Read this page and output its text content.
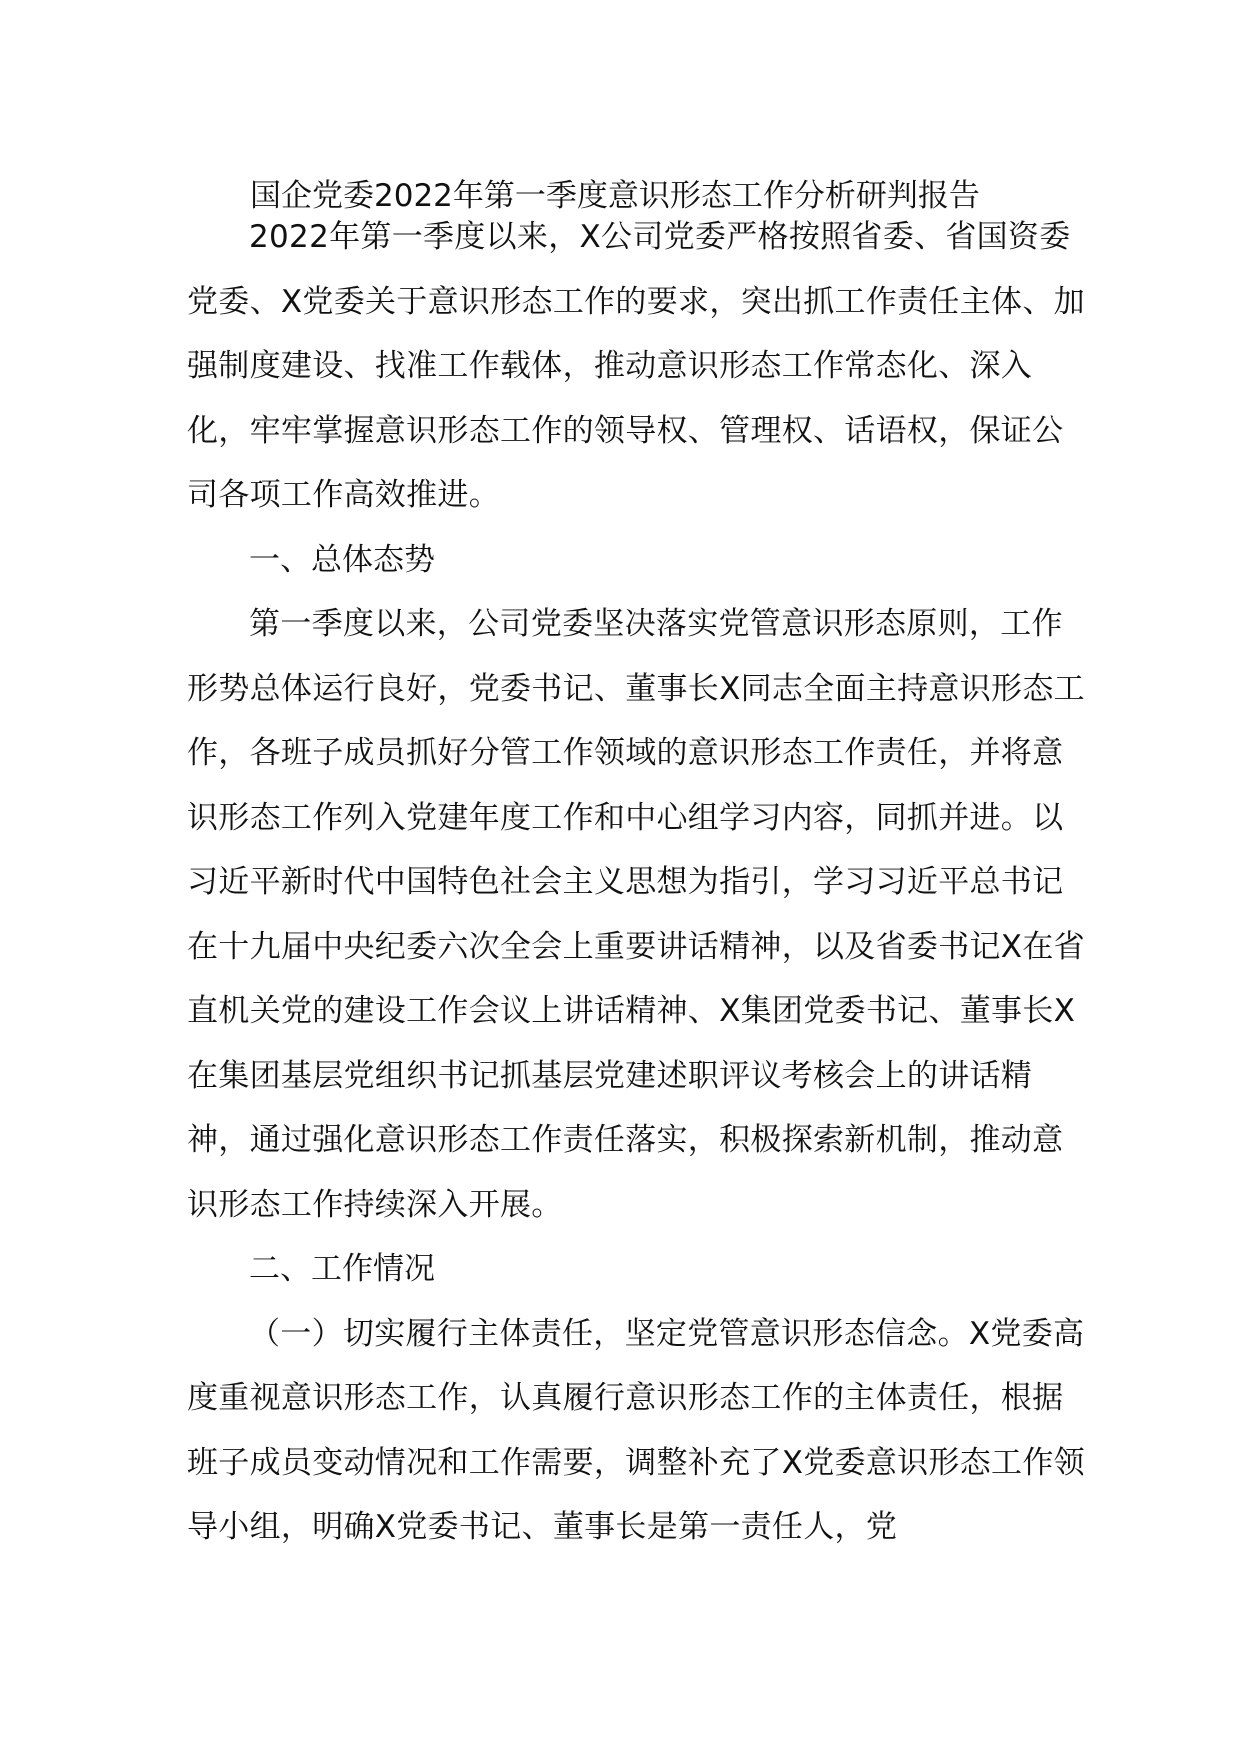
国企党委2022年第一季度意识形态工作分析研判报告

2022年第一季度以来，X公司党委严格按照省委、省国资委党委、X党委关于意识形态工作的要求，突出抓工作责任主体、加强制度建设、找准工作载体，推动意识形态工作常态化、深入化，牢牢掌握意识形态工作的领导权、管理权、话语权，保证公司各项工作高效推进。

一、总体态势

第一季度以来，公司党委坚决落实党管意识形态原则，工作形势总体运行良好，党委书记、董事长X同志全面主持意识形态工作，各班子成员抓好分管工作领域的意识形态工作责任，并将意识形态工作列入党建年度工作和中心组学习内容，同抓并进。以习近平新时代中国特色社会主义思想为指引，学习习近平总书记在十九届中央纪委六次全会上重要讲话精神，以及省委书记X在省直机关党的建设工作会议上讲话精神、X集团党委书记、董事长X在集团基层党组织书记抓基层党建述职评议考核会上的讲话精神，通过强化意识形态工作责任落实，积极探索新机制，推动意识形态工作持续深入开展。

二、工作情况

（一）切实履行主体责任，坚定党管意识形态信念。X党委高度重视意识形态工作，认真履行意识形态工作的主体责任，根据班子成员变动情况和工作需要，调整补充了X党委意识形态工作领导小组，明确X党委书记、董事长是第一责任人，党
